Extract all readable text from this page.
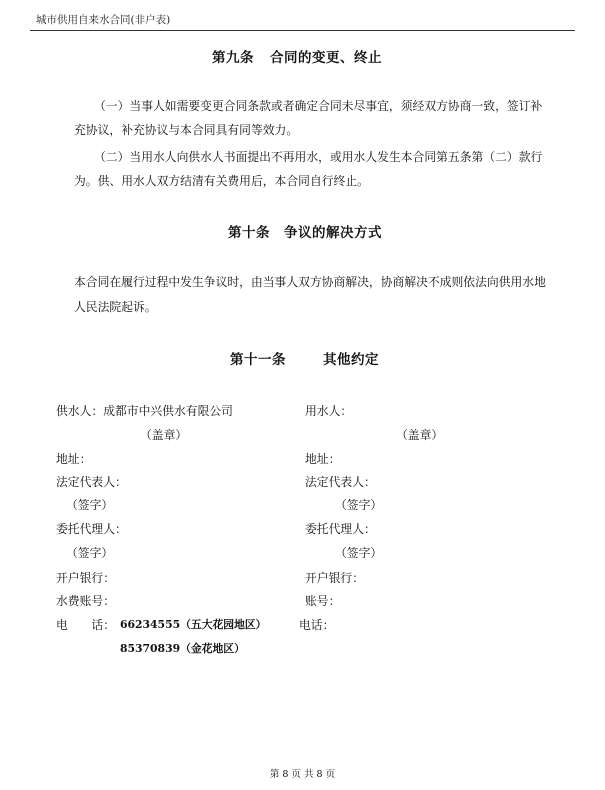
城市供用自来水合同(非户表)
第九条 合同的变更、终止
（一）当事人如需要变更合同条款或者确定合同未尽事宜，须经双方协商一致，签订补
充协议，补充协议与本合同具有同等效力。
（二）当用水人向供水人书面提出不再用水，或用水人发生本合同第五条第（二）款行
为。供、用水人双方结清有关费用后，本合同自行终止。
第十条 争议的解决方式
本合同在履行过程中发生争议时，由当事人双方协商解决，协商解决不成则依法向供用水地
人民法院起诉。
第十一条	其他约定
供水人：成都市中兴供水有限公司
（盖章）
地址：
法定代表人：
（签字）
委托代理人：
（签字）
开户银行：
水费账号：
电　　话： 66234555（五大花园地区）
85370839（金花地区）
用水人：
（盖章）
地址：
法定代表人：
（签字）
委托代理人：
（签字）
开户银行：
账号：
电话：
第 8 页 共 8 页
